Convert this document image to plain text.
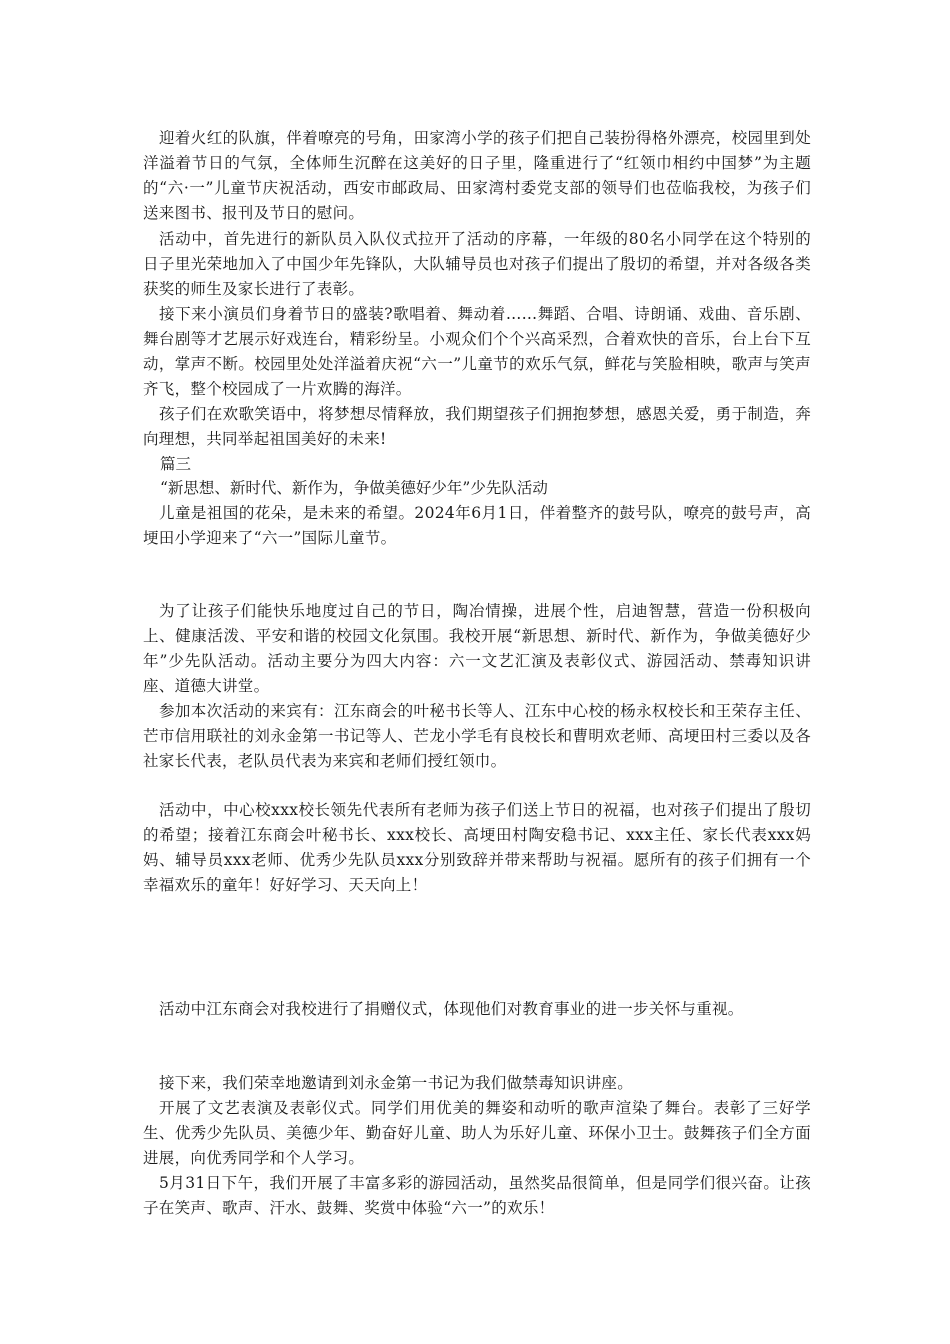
迎着火红的队旗，伴着嘹亮的号角，田家湾小学的孩子们把自己装扮得格外漂亮，校园里到处洋溢着节日的气氛，全体师生沉醉在这美好的日子里，隆重进行了“红领巾相约中国梦”为主题的“六·一”儿童节庆祝活动，西安市邮政局、田家湾村委党支部的领导们也莅临我校，为孩子们送来图书、报刊及节日的慰问。

活动中，首先进行的新队员入队仪式拉开了活动的序幕，一年级的80名小同学在这个特别的日子里光荣地加入了中国少年先锋队，大队辅导员也对孩子们提出了殷切的希望，并对各级各类获奖的师生及家长进行了表彰。

接下来小演员们身着节日的盛装?歌唱着、舞动着……舞蹈、合唱、诗朗诵、戏曲、音乐剧、舞台剧等才艺展示好戏连台，精彩纷呈。小观众们个个兴高采烈，合着欢快的音乐，台上台下互动，掌声不断。校园里处处洋溢着庆祝“六一”儿童节的欢乐气氛，鲜花与笑脸相映，歌声与笑声齐飞，整个校园成了一片欢腾的海洋。

孩子们在欢歌笑语中，将梦想尽情释放，我们期望孩子们拥抱梦想，感恩关爱，勇于制造，奔向理想，共同举起祖国美好的未来!

篇三

“新思想、新时代、新作为，争做美德好少年”少先队活动

儿童是祖国的花朵，是未来的希望。2024年6月1日，伴着整齐的鼓号队，嘹亮的鼓号声，高埂田小学迎来了“六一”国际儿童节。

为了让孩子们能快乐地度过自己的节日，陶冶情操，进展个性，启迪智慧，营造一份积极向上、健康活泼、平安和谐的校园文化氛围。我校开展“新思想、新时代、新作为，争做美德好少年”少先队活动。活动主要分为四大内容：六一文艺汇演及表彰仪式、游园活动、禁毒知识讲座、道德大讲堂。

参加本次活动的来宾有：江东商会的叶秘书长等人、江东中心校的杨永权校长和王荣存主任、芒市信用联社的刘永金第一书记等人、芒龙小学毛有良校长和曹明欢老师、高埂田村三委以及各社家长代表，老队员代表为来宾和老师们授红领巾。

活动中，中心校xxx校长领先代表所有老师为孩子们送上节日的祝福，也对孩子们提出了殷切的希望；接着江东商会叶秘书长、xxx校长、高埂田村陶安稳书记、xxx主任、家长代表xxx妈妈、辅导员xxx老师、优秀少先队员xxx分别致辞并带来帮助与祝福。愿所有的孩子们拥有一个幸福欢乐的童年！好好学习、天天向上！

活动中江东商会对我校进行了捐赠仪式，体现他们对教育事业的进一步关怀与重视。

接下来，我们荣幸地邀请到刘永金第一书记为我们做禁毒知识讲座。

开展了文艺表演及表彰仪式。同学们用优美的舞姿和动听的歌声渲染了舞台。表彰了三好学生、优秀少先队员、美德少年、勤奋好儿童、助人为乐好儿童、环保小卫士。鼓舞孩子们全方面进展，向优秀同学和个人学习。

5月31日下午，我们开展了丰富多彩的游园活动，虽然奖品很简单，但是同学们很兴奋。让孩子在笑声、歌声、汗水、鼓舞、奖赏中体验“六一”的欢乐！
